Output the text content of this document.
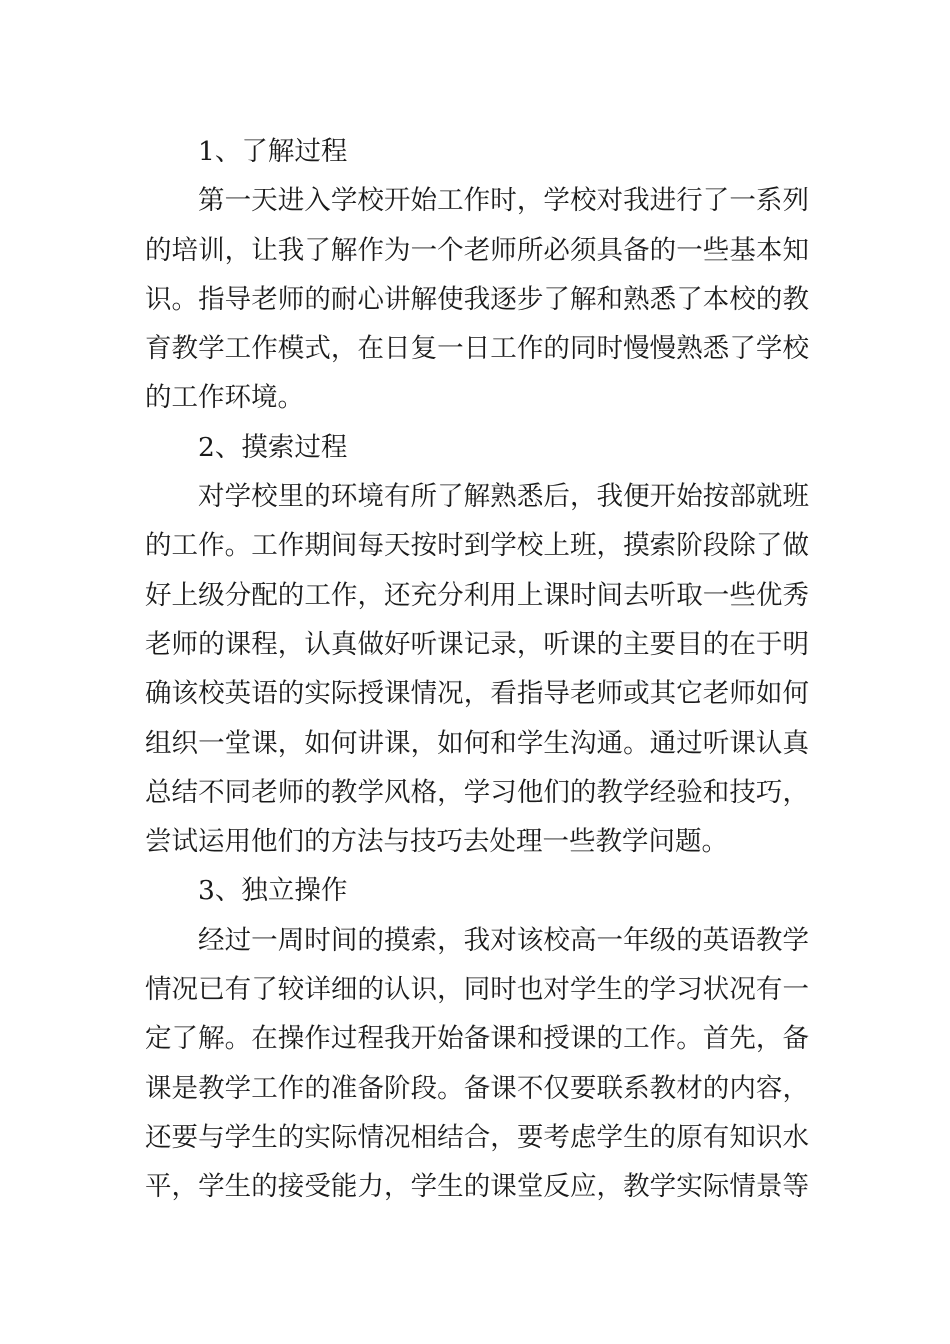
1、了解过程
第一天进入学校开始工作时，学校对我进行了一系列
的培训，让我了解作为一个老师所必须具备的一些基本知
识。指导老师的耐心讲解使我逐步了解和熟悉了本校的教
育教学工作模式，在日复一日工作的同时慢慢熟悉了学校
的工作环境。
2、摸索过程
对学校里的环境有所了解熟悉后，我便开始按部就班
的工作。工作期间每天按时到学校上班，摸索阶段除了做
好上级分配的工作，还充分利用上课时间去听取一些优秀
老师的课程，认真做好听课记录，听课的主要目的在于明
确该校英语的实际授课情况，看指导老师或其它老师如何
组织一堂课，如何讲课，如何和学生沟通。通过听课认真
总结不同老师的教学风格，学习他们的教学经验和技巧，
尝试运用他们的方法与技巧去处理一些教学问题。
3、独立操作
经过一周时间的摸索，我对该校高一年级的英语教学
情况已有了较详细的认识，同时也对学生的学习状况有一
定了解。在操作过程我开始备课和授课的工作。首先，备
课是教学工作的准备阶段。备课不仅要联系教材的内容，
还要与学生的实际情况相结合，要考虑学生的原有知识水
平，学生的接受能力，学生的课堂反应，教学实际情景等
